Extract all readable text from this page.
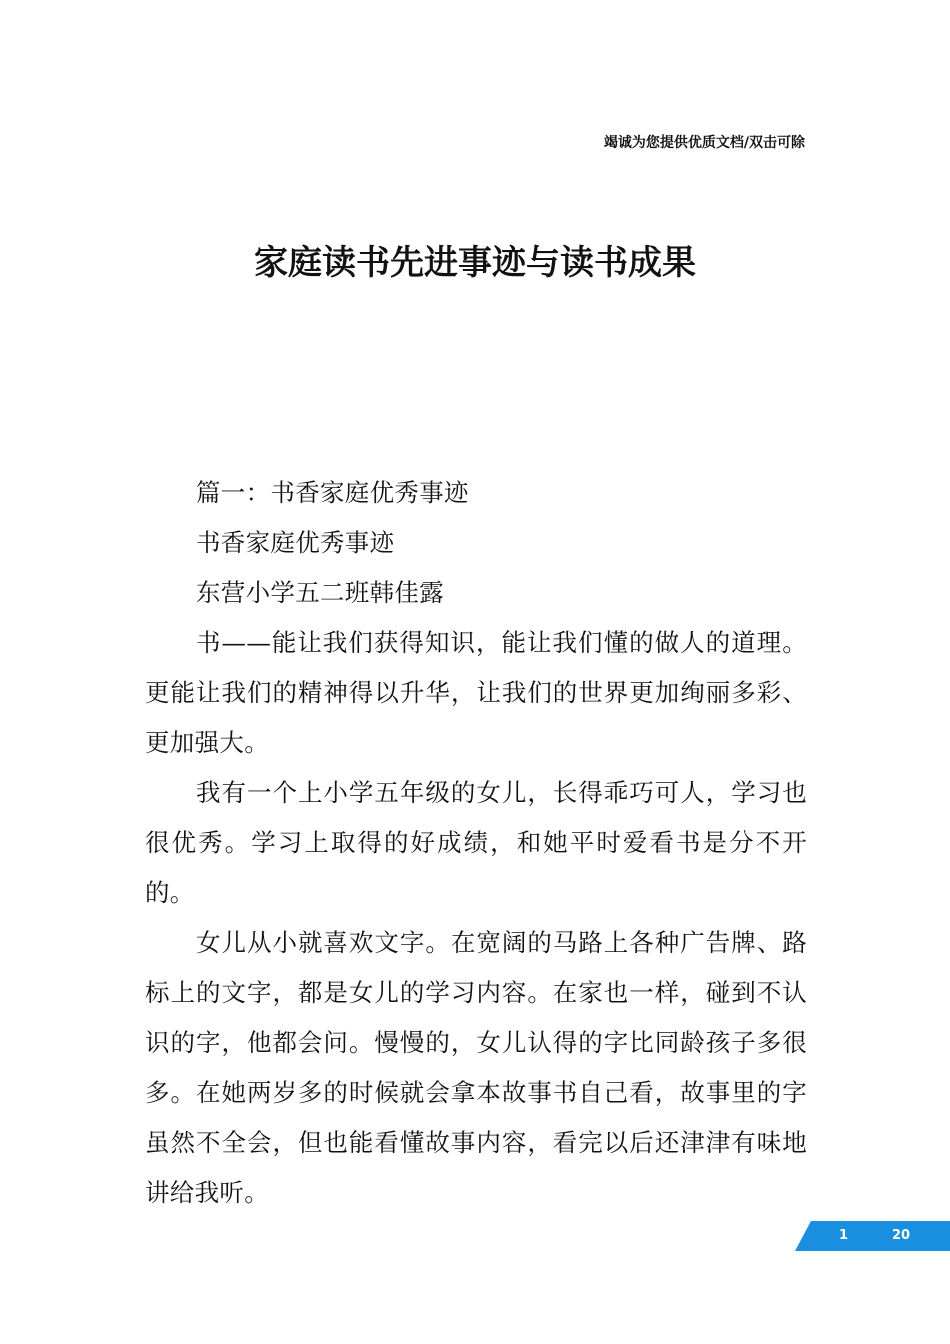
竭诚为您提供优质文档/双击可除
家庭读书先进事迹与读书成果

篇一：书香家庭优秀事迹

书香家庭优秀事迹

东营小学五二班韩佳露

书——能让我们获得知识，能让我们懂的做人的道理。更能让我们的精神得以升华，让我们的世界更加绚丽多彩、更加强大。

我有一个上小学五年级的女儿，长得乖巧可人，学习也很优秀。学习上取得的好成绩，和她平时爱看书是分不开的。

女儿从小就喜欢文字。在宽阔的马路上各种广告牌、路标上的文字，都是女儿的学习内容。在家也一样，碰到不认识的字，他都会问。慢慢的，女儿认得的字比同龄孩子多很多。在她两岁多的时候就会拿本故事书自己看，故事里的字虽然不全会，但也能看懂故事内容，看完以后还津津有味地讲给我听。

1	20
